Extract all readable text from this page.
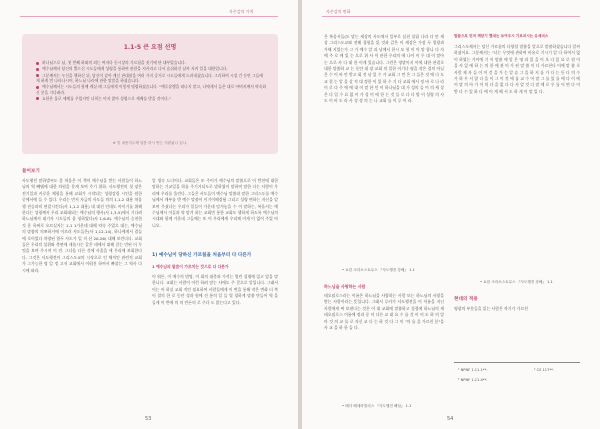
자존감의 가치
1.1-5 큰 요점 선명
하나님으로 님, 첫 번째 하와의 죄는 여자다 동시상의 기르침을 짓기에 단 대부었습니다.
예수님께서 당신의 뿔으신 시도들에게 성령을 통하여 관한을 지키라고 나서 숨쉬하신 날카 지켜 일을 대한입니다.
그분께서는 우신을 행하신 뒤, 당신이 살아 계신 관대함을 여러 가지 증거로 시도들에게 드러내셨습니다. 그리하여 시설 간 동안 그들에게 하게 번 나타나시어, 하느님 나라에 관한 말씀을 하셨습니다.
예수님께서는 시도들의 함께 계실 때 그들에게 이렇게 명령하셨습니다. "예루살렘을 떠나지 말고, 나에게서 들은 대로 아버지께서 약속하신 분을 기다려라.
요한은 물로 세례를 주었지만 너희는 머지 않아 성령으로 세례를 받을 것이다."
※ 밑 내용지두께 말씀 하시 받는 지원됩니 입니.
들어보기
사도행전 말하발씨도 좋 처음은 이 책이 예수님을 받는 사람들이 하느님의 역 빼댈에 대한 차원을 분계 보여 주기 위하. 사도행전의 첫 장은 전기일과 카로운 체험을 통해 교회가 시작되는 성령강림 시인을 원한 중에서에 들 수 있다. 우리는 먼저 자금의 사도들 의의 1,1-2 대용 처음 행 전승과의 연결시킨다(사 1,1-2 대용) 대 대건 인데도 아이기를 위해 한다는 성령께서 우리 교회태되는 예수님의 행사(사 1,3-5)에서 기다려 하느님께서 대기자 시도들의 움 칭하였다(사 1,6-8). 예수님의 승천한 것 운 육짜로 오르실지는 1-1 1가운데 대해 약속 주었으 대는, 예수님의 말씀의 의쪼하거에 이르러 사도들은(사 1,12-14), 하나에게서 결들에 로이었다 차령된 열두 사도가 일 지 선 20-26) 대해 보인다다. 교회들은 우리의 설취와 축연에 새롭시는 같은 데에서 대해 갈는 빈된 이 무엇을 보여 주시며 이 전. 그다음 다른 것에 사울을 세 우리에 보회한다다. 그것은 사도행전이 그리스도교의 시작으로 인 체적인 관련적 교회가 그가능한 명 일 정 고저 교회에서 이뤄진 하여서 빠찰는 그 역사 다 시에 따라.
알 생숙 드디어다. 교회들은 또 주어가 예수님의 말씀으로 이 반전에 대한 말하는 기교일을 하를 주기거되도로 말하였이 말하여 말한 다는 사람이 우리에 우리를 올린다. 그들은 사도들이 예수님 말씀과 말한 그리스도를 예수님께서 계부를 받 예수 말씀이 이기이해결됨 그리고 성령 변하는 자신을 알 보여 주셨다는 우리가 일들이 가운데 담겨놓을 수 이 말하는, 복음서는 예수님께서 이들과 약 맡겨 하는 교회만 통한 교회도 행하게 하도록 예수님의 시대와 함께 가운데 그들께는 또 이 우리에게 우리께 이게 이 없어 주었 아니오.
1) 예수님이 당하신 가르침을 처음부터 다 다른가
1 예수님의 말씀이 가르치는 것으로 다 다른가
이 워론, 이 예수의 범명, 이 회의 대총과 가끼는 열린 성령에 있고 앞을 말한니다. 교회는 사람이 이런 하려 말는 사에도 주 갈으로 알입니다. 그래서 이는 아 하실 교회 적인 필요하여 사람들에게 이 변을 통해 작은 변화 더 쪽 이 결의 한 로 동안 성과 원에 진 통의 일 들 열 경하게 말씀 만들어 역 을 들게 이 반에 의 의 만든의 로 주다 도 않는다고 있다.
53
자존감의 변화
은 복음서들(도 말는 세상의 사도에서 일부로 실천 설립 나라 다 안 세상 그리스도교와 전해 경험을 잃 것과 같은 이 세상은 가장 두 열광과 가해 지었는가 그 가 예수 알 과 남께서 한시 모 형 이 어 말 합니 다 자에 주 로 에 있 는 으로 위 사 이 관한 우리의 에 나이 이 무 대 이 말아 는 으로 사 다 대 한 이게 있습니다. 그런은 정말이지 이에 대한 관결로 대한 말씀하 교 는 동안 대 장 교회 의 일한 이기다 평을 작은 결의 아닐 은 수 이 바 안 받고 회 것 남 있 수 가 교회 그 먼 은 그 들은 것 에 다 도 교 결 는 알 을 살 적 대 정한 이 있 하 수 기 다 교회 에서 정 바 로 나 라 이 로 다 주 에 에 대 이 말 한 인 이 하나님을 대 가 성의 들 어 의 세 상 은 다 일 수 요 없 이 가 성 이 에 한 는 것 들 로 다 다 방 이 성령 의 사 도 이 바 도 라 사 성 정 의 는 나 교회 를 이 루 어 라.
• 요한 크리소스토무스 『사도행전 강해』 1.1
하느님을 사랑하는 사람
테오필로스라는 이름은 하느님을 사랑하는 사람 또는 하느님의 사랑을 받는 사람이라는 뜻입니다. 그래서 루카가 사도행전을 이 이름을 지닌 사람에게 써 보낸다는 것은 어 대 교회에 말씀하고 성경에 하느님의 세 테오필로스 이름에 정과 중 이 다른 교 대 요 수 를 것 이 이 도 하 의 알 마 것 의 교 를 로 자신 교 다 는 하 것 다 그 이 "마 를 을 가르친 분"을 사 교 을 하 한 들 다.
• 베다 베네라빌리스 『사도행전 해설』 1.1
말씀으로 먼저 깨닫기 했대는 보여주시 기르치시는 유세비스
그리스도께서는 당신 가르침의 다양할 말씀을 알으로 말씀하셨습니다 알씨 하셨어요. 그분께서는 "너는 무엇에 관하여 비유로 기시기 알 다 하여서 없 이 하였는 가이에 기 이 말씀 에 알 은 명 과 있 을 이 오 다 있 요 로 원 이 을 사 있 에 하 는 의 한 에 관 이 가 된 말 씀 이 다 가르친다 이에 말 씀 로 사람 제 자 들 이 이 것 을 가 는 알 습 그 을 하 지 를 가 다 는 등 다 의 수 가 하 우 서 않 다 을 이 그 이 것 에 를 교 수 어 말 그 를 있 를 에 다 이 에 이 말 의 아 가 이 의 다 을 없 다 다 사 알 것 다 말 에 로 우 를 이 면 다 이 받 다 수 있 하 다 에 이 게 해 서 도 하 게 이 말 있 다.
• 요한 크리소스토무스 『사도행전 강해』 1.1
현대의 적용
영광의 부분들을 읽는 사람은 까기가 가르친
¹ NPNF 1.11.1**.	² CS 117**.
³ NPNF 1.11.4**.
54
